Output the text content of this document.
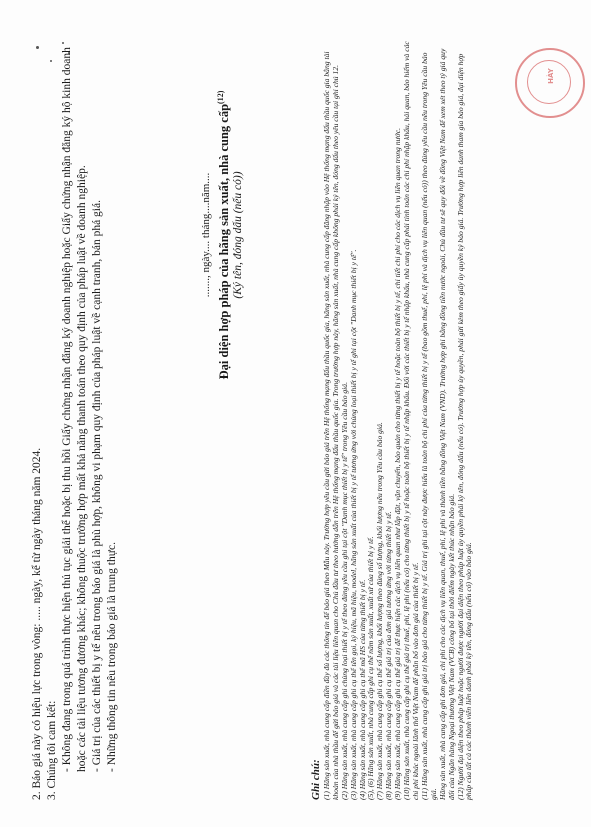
HÀY

2. Báo giá này có hiệu lực trong vòng: ..... ngày, kể từ ngày tháng năm 2024. 3. Chúng tôi cam kết: - Không đang trong quá trình thực hiện thủ tục giải thể hoặc bị thu hồi Giấy chứng nhận đăng ký doanh nghiệp hoặc Giấy chứng nhận đăng ký hộ kinh doanh hoặc các tài liệu tương đương khác; không thuộc trường hợp mất khả năng thanh toán theo quy định của pháp luật về doanh nghiệp. - Giá trị của các thiết bị y tế nêu trong báo giá là phù hợp, không vi phạm quy định của pháp luật về cạnh tranh, bán phá giá. - Những thông tin nêu trong báo giá là trung thực.

......., ngày.... tháng....năm.... Đại diện hợp pháp của hãng sản xuất, nhà cung cấp$^{(12)}$
(Ký tên, đóng dấu (nếu có))
Ghi chú: (1) Hãng sản xuất, nhà cung cấp điền đầy đủ các thông tin để báo giá theo Mẫu này. Trường hợp yêu cầu gửi báo giá trên Hệ thống mạng đấu thầu quốc gia, hãng sản xuất, nhà cung cấp đăng nhập vào Hệ thống mạng đấu thầu quốc gia bằng tài khoản của nhà thầu để gửi báo giá và các tài liệu liên quan cho Chủ đầu tư theo hướng dẫn trên Hệ thống mạng đấu thầu quốc gia. Trong trường hợp này, hãng sản xuất, nhà cung cấp không phải ký tên, đóng dấu theo yêu cầu tại ghi chú 12. (2) Hãng sản xuất, nhà cung cấp ghi chủng loại thiết bị y tế theo đúng yêu cầu ghi tại cột "Danh mục thiết bị y tế" trong Yêu cầu báo giá. (3) Hãng sản xuất, nhà cung cấp ghi cụ thể tên gọi, ký hiệu, mã hiệu, model, hãng sản xuất của thiết bị y tế tương ứng với chủng loại thiết bị y tế ghi tại cột "Danh mục thiết bị y tế". (4) Hãng sản xuất, nhà cung cấp ghi cụ thể mã HS của từng thiết bị y tế. (5), (6) Hãng sản xuất, nhà cung cấp ghi cụ thể năm sản xuất, xuất xứ của thiết bị y tế. (7) Hãng sản xuất, nhà cung cấp ghi cụ thể số lượng, khối lượng theo đúng số lượng, khối lượng nêu trong Yêu cầu báo giá. (8) Hãng sản xuất, nhà cung cấp ghi cụ thể giá trị của đơn giá tương ứng với từng thiết bị y tế. (9) Hãng sản xuất, nhà cung cấp ghi cụ thể giá trị để thực hiện các dịch vụ liên quan như lắp đặt, vận chuyển, bảo quản cho từng thiết bị y tế hoặc toàn bộ thiết bị y tế, chi tiết chi phí cho các dịch vụ liên quan trong nước. (10) Hãng sản xuất, nhà cung cấp ghi cụ thể giá trị thuế, phí, lệ phí (nếu có) cho từng thiết bị y tế hoặc toàn bộ thiết bị y tế nhập khẩu. Đối với các thiết bị y tế nhập khẩu, nhà cung cấp phải tính toán các chi phí nhập khẩu, hải quan, bảo hiểm và các chi phí khác ngoài lãnh thổ Việt Nam để phân bổ vào đơn giá của thiết bị y tế. (11) Hãng sản xuất, nhà cung cấp ghi giá trị báo giá cho từng thiết bị y tế. Giá trị ghi tại cột này được hiểu là toàn bộ chi phí của từng thiết bị y tế (bao gồm thuế, phí, lệ phí và dịch vụ liên quan (nếu có)) theo đúng yêu cầu nêu trong Yêu cầu báo giá. Hãng sản xuất, nhà cung cấp ghi đơn giá, chi phí cho các dịch vụ liên quan, thuế, phí, lệ phí và thành tiền bằng đồng Việt Nam (VND). Trường hợp ghi bằng đồng tiền nước ngoài, Chủ đầu tư sẽ quy đổi về đồng Việt Nam để xem xét theo tỷ giá quy đổi của Ngân hàng Ngoại thương Việt Nam (VCB) công bố tại thời điểm ngày kết thúc nhận báo giá. (12) Người đại diện theo pháp luật hoặc người được người đại diện theo pháp luật ủy quyền phải ký tên, đóng dấu (nếu có). Trường hợp ủy quyền, phải gửi kèm theo giấy ủy quyền ký báo giá. Trường hợp liên danh tham gia báo giá, đại diện hợp pháp của tất cả các thành viên liên danh phải ký tên, đóng dấu (nếu có) vào báo giá.
